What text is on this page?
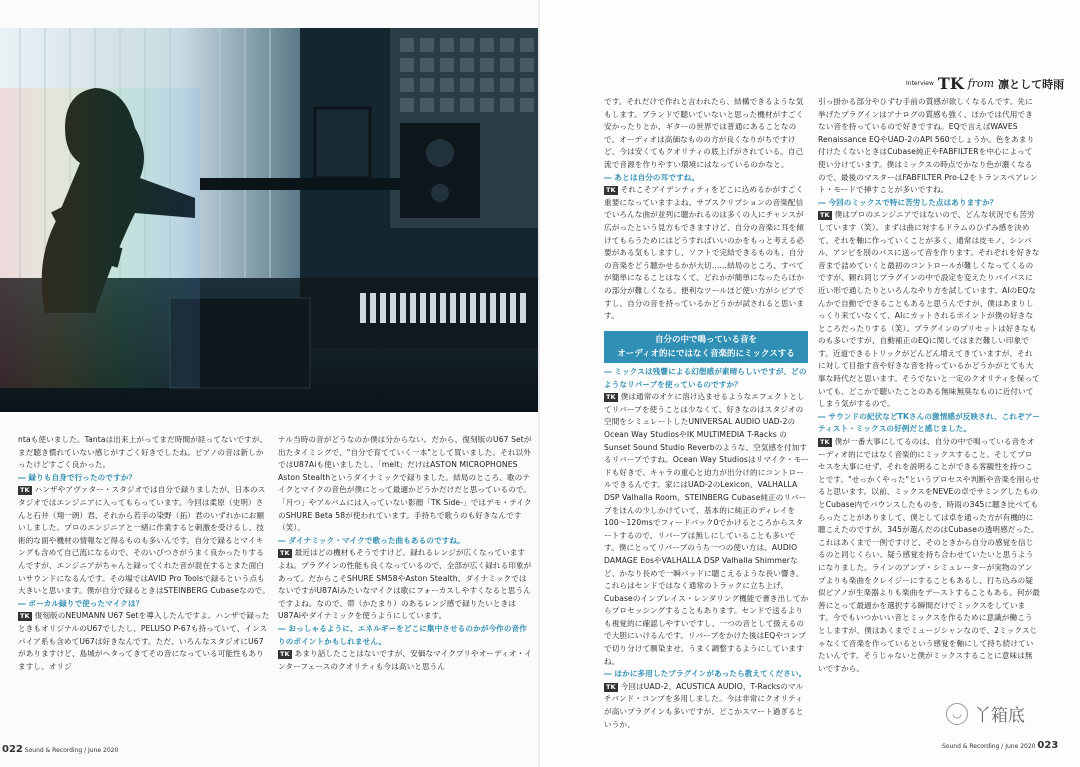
ntaも使いました。Tantaは出来上がってまだ時間が経ってないですが、まだ聴き慣れていない感じがすごく好きでしたね。ピアノの音は新しかったけどすごく良かった。

― 録りも自身で行ったのですか？

TK ハンザやアヴァター・スタジオでは自分で録りましたが、日本のスタジオではエンジニアに入ってもらっています。今回は柔原（史明）さんと石井（翔一朗）君、それから若手の染野（拓）君のいずれかにお願いしました。プロのエンジニアと一緒に作業すると刺激を受けるし、技術的な面や機材の情報など得るものも多いんです。自分で録るとマイキングも含めて自己流になるので、そのいびつさがうまく良かったりするんですが、エンジニアがちゃんと録ってくれた音が混在するとまた面白いサウンドになるんです。その場ではAVID Pro Toolsで録るという点も大きいと思います。僕が自分で録るときはSTEINBERG Cubaseなので。

― ボーカル録りで使ったマイクは？

TK 復刻版のNEUMANN U67 Setを導入したんですよ。ハンザで録ったときもオリジナルのU67でしたし、PELUSO P-67も持っていて、インスパイア系も含めてU67は好きなんです。ただ、いろんなスタジオにU67がありますけど、島城がヘタってきてその音になっている可能性もありますし、オリジ

ナル当時の音がどうなのか僕は分からない。だから、復刻版のU67 Setが出たタイミングで、"自分で育てていく一本"として買いました。それ以外ではU87Aiも使いましたし、「melt」だけはASTON MICROPHONES Aston Stealthというダイナミックで録りました。結局のところ、歌のテイクとマイクの音色が僕にとって最適かどうかだけだと思っているので。「月つ」やアルバムには入っていない影顔「TK Side-」ではデモ・テイクのSHURE Beta 58が使われています。手持ちで歌うのも好きなんです（笑）。

― ダイナミック・マイクで歌った曲もあるのですね。

TK 最近はどの機材もそうですけど、録れるレンジが広くなっていますよね。プラグインの性能も良くなっているので、全部が広く録れる印象があって。だからこそSHURE SM58やAston Stealth、ダイナミックではないですがU87Aiみたいなマイクは歌にフォーカスしやすくなると思うんですよね。なので、帯（かたまり）のあるレンジ感で録りたいときはU87Aiやダイナミックを使うようにしています。

― おっしゃるように、エネルギーをどこに集中させるのかが今作の音作りのポイントかもしれません。

TK あまり話したことはないですが、安価なマイクプリやオーディオ・インターフェースのクオリティも今は高いと思うん

022 Sound & Recording / June 2020
Interview TK from 凛として時雨

です。それだけで作れと言われたら、結構できるような気もします。ブランドで聴いていないと思った機材がすごく安かったりとか、ギターの世界では普通にあることなので。オーディオは高価なものの方が良くなりがちですけど、今は安くてもクオリティの底上げがされている。自己流で音源を作りやすい環境にはなっているのかなと。

― あとは自分の耳ですね。

TK それこそアイデンティティをどこに込めるかがすごく重要になっていますよね。サブスクリプションの音楽配信でいろんな曲が並列に聴かれるのは多くの人にチャンスが広がったという見方もできますけど、自分の音楽に耳を傾けてもらうためにはどうすればいいのかをもっと考える必要がある気もしますし、ソフトで完結できるものも、自分の音楽をどう聴かせるかが大切……結局のところ、すべてが簡単になることはなくて、どれかが簡単になったらほかの部分が難しくなる。便利なツールほど使い方がシビアですし、自分の音を持っているかどうかが試されると思います。

自分の中で鳴っている音を
オーディオ的にではなく音楽的にミックスする

― ミックスは残響による幻想感が素晴らしいですが、どのようなリバーブを使っているのですか？

TK 僕は通常のオケに溶け込ませるようなエフェクトとしてリバーブを使うことは少なくて、好きなのはスタジオの空間をシミュレートしたUNIVERSAL AUDIO UAD-2のOcean Way StudiosやIK MULTIMEDIA T-Racks のSunset Sound Studio Reverbのような、空気感を付加するリバーブですね。Ocean Way Studiosはリマイク・モードも好きで、キャラの重心と迫力が出分け的にコントロールできるんです。家にはUAD-2のLexicon、VALHALLA DSP Valhalla Room、STEINBERG Cubase純正のリバーブをほんの少しかけていて、基本的に純正のディレイを100〜120msでフィードバック0でかけるところからスタートするので、リバーブは無しにしていることも多いです。僕にとってリバーブのうち一つの使い方は、AUDIO DAMAGE EosやVALHALLA DSP Valhalla Shimmerなど、かなり長めで一瞬バッドに聴こえるような長い響き。これらはセンドではなく通常のトラックに立ち上げ、Cubaseのインプレイス・レンダリング機能で書き出してからプロセッシングすることもあります。センドで送るよりも視覚的に確認しやすいですし、一つの音として扱えるので大胆にいけるんです。リバーブをかけた後はEQやコンプで切り分けて馴染ませ、うまく調整するようにしていますね。

― ほかに多用したプラグインがあったら教えてください。

TK 今回はUAD-2、ACUSTICA AUDIO、T-Racksのマルチバンド・コンプを多用しました。今は非常にクオリティが高いプラグインも多いですが、どこかスマート過ぎるというか、

引っ掛かる部分やひずむ手前の質感が欲しくなるんです。先に挙げたプラグインはアナログの質感も強く、ほかでは代用できない音を持っているので好きですね。EQで言えばWAVES Renaissance EQやUAD-2のAPI 560でしょうか。色をあまり付けたくないときはCubase純正やFABFILTERを中心によって使い分けています。僕はミックスの時点でかなり色が濃くなるので、最後のマスターはFABFILTER Pro-L2をトランスペアレント・モードで挿すことが多いですね。

― 今回のミックスで特に苦労した点はありますか？

TK 僕はプロのエンジニアではないので、どんな状況でも苦労しています（笑）。まずは曲に対するドラムのひずみ感を決めて、それを軸に作っていくことが多く、通常は皮モノ、シンバル、アンビを別のバスに送って音を作ります。それぞれを好きな音まで詰めていくと最初のコントロールが難しくなってくるのですが、頼れ同じプラグインの中で設定を変えたりバイパスに近い形で通したりといろんなやり方を試しています。AIのEQなんかで自動でできることもあると思うんですが、僕はあまりしっくり来ていなくて、AIにカットされるポイントが僕の好きなところだったりする（笑）。プラグインのプリセットは好きなものも多いですが、自動補正のEQに関してはまだ難しい印象です。近道できるトリックがどんどん増えてきていますが、それに対して目指す音や好きな音を持っているかどうかがとても大事な時代だと思います。そうでないと一定のクオリティを保っていても、どこかで聴いたことのある無味無臭なものに近付いてしまう気がするので。

― サウンドの紀伏などTKさんの激情感が反映され、これぞアーティスト・ミックスの好例だと感じました。

TK 僕が一番大事にしてるのは、自分の中で鳴っている音をオーディオ的にではなく音楽的にミックスすること。そしてプロセスを大事にせず、それを説明ることができる客観性を持つことです。"せっかくやった"というプロセスや判断や音楽を削らせると思います。以前、ミックスをNEVEの卓でサミングしたものとCubase内でバウンスしたものを、時雨の345に聴き比べてもらったことがありまして、僕としては卓を通った方が有機的に聴こえたのですが、345が選んだのはCubaseの透明感だった。これはあくまで一例ですけど、そのときから自分の感覚を信じるのと同じくらい、疑う感覚を持ち合わせていたいと思うようになりました。ラインのアンプ・シミュレーターが実物のアンプよりも楽曲をクレイジーにすることもあるし、打ち込みの疑似ピアノが生楽器よりも楽曲をデーストすることもある。何が最善にとって最適かを選択する瞬間だけでミックスをしています。今でもいつかいい音とミックスを作るために意識が働こうとしますが、僕はあくまでミュージシャンなので、2ミックスじゃなくて音楽を作っているという感覚を軸にして持ち続けていたいんです。そうじゃないと僕がミックスすることに意味は無いですから。

◡ 丫箱底
Sound & Recording / June 2020 023
